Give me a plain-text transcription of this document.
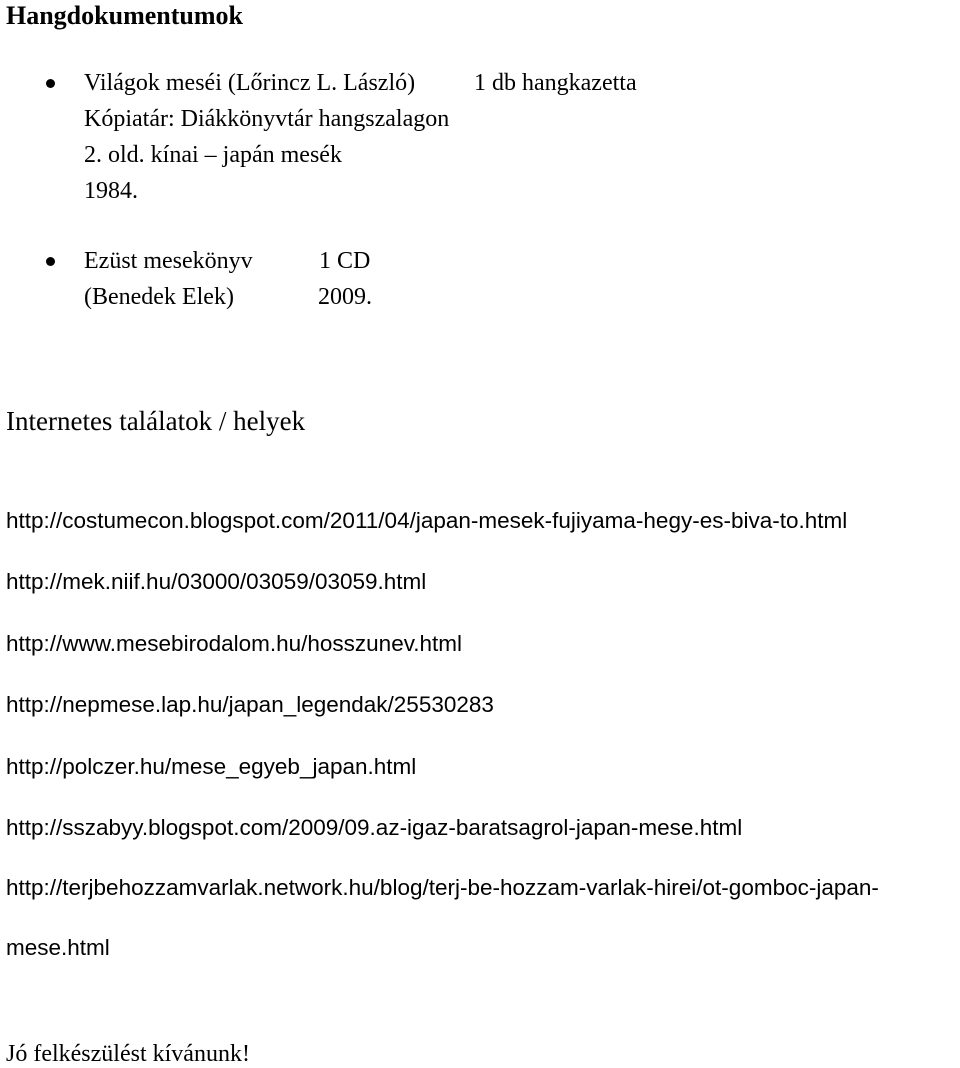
Hangdokumentumok
Világok meséi (Lőrincz L. László) 1 db hangkazetta
Kópiatár: Diákkönyvtár hangszalagon
2. old. kínai – japán mesék
1984.
Ezüst mesekönyv	1 CD
(Benedek Elek)	2009.
Internetes találatok / helyek
http://costumecon.blogspot.com/2011/04/japan-mesek-fujiyama-hegy-es-biva-to.html
http://mek.niif.hu/03000/03059/03059.html
http://www.mesebirodalom.hu/hosszunev.html
http://nepmese.lap.hu/japan_legendak/25530283
http://polczer.hu/mese_egyeb_japan.html
http://sszabyy.blogspot.com/2009/09.az-igaz-baratsagrol-japan-mese.html
http://terjbehozzamvarlak.network.hu/blog/terj-be-hozzam-varlak-hirei/ot-gomboc-japan-
mese.html
Jó felkészülést kívánunk!
